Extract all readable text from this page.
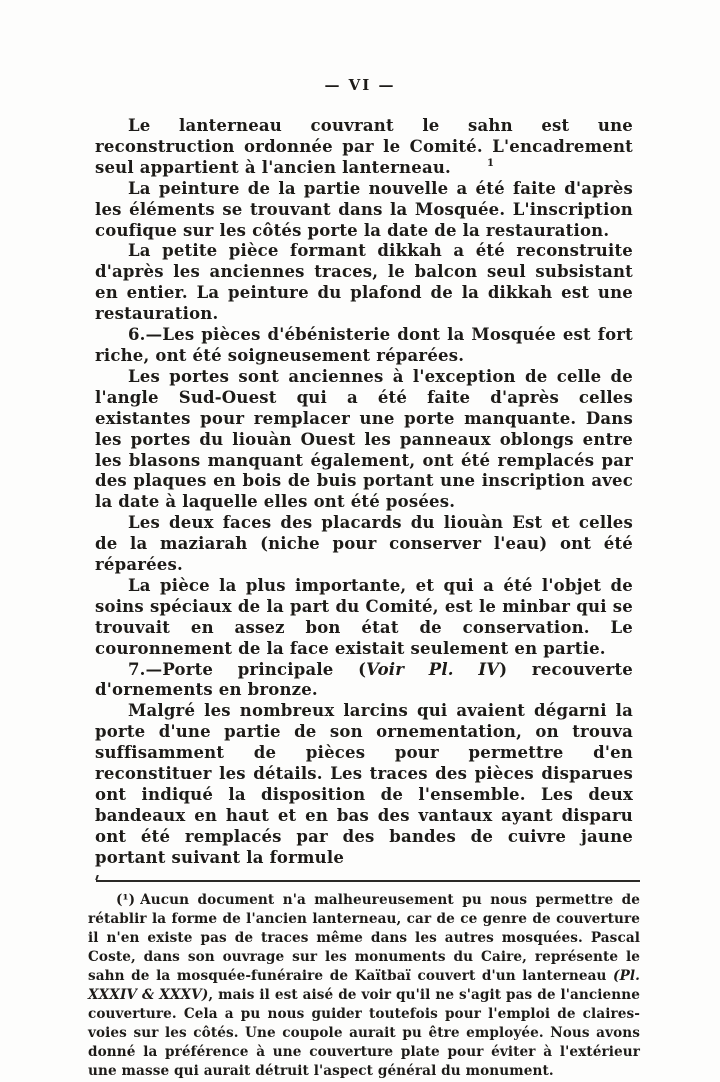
— VI —

Le lanterneau couvrant le sahn est une reconstruction ordonnée par le Comité. L'encadrement seul appartient à l'ancien lanterneau.	1

La peinture de la partie nouvelle a été faite d'après les éléments se trouvant dans la Mosquée. L'inscription coufique sur les côtés porte la date de la restauration.

La petite pièce formant dikkah a été reconstruite d'après les anciennes traces, le balcon seul subsistant en entier. La peinture du plafond de la dikkah est une restauration.

6.—Les pièces d'ébénisterie dont la Mosquée est fort riche, ont été soigneusement réparées.

Les portes sont anciennes à l'exception de celle de l'angle Sud-Ouest qui a été faite d'après celles existantes pour remplacer une porte manquante. Dans les portes du liouàn Ouest les panneaux oblongs entre les blasons manquant également, ont été remplacés par des plaques en bois de buis portant une inscription avec la date à laquelle elles ont été posées.

Les deux faces des placards du liouàn Est et celles de la maziarah (niche pour conserver l'eau) ont été réparées.

La pièce la plus importante, et qui a été l'objet de soins spéciaux de la part du Comité, est le minbar qui se trouvait en assez bon état de conservation. Le couronnement de la face existait seulement en partie.

7.—Porte principale (Voir Pl. IV) recouverte d'ornements en bronze.

Malgré les nombreux larcins qui avaient dégarni la porte d'une partie de son ornementation, on trouva suffisamment de pièces pour permettre d'en reconstituer les détails. Les traces des pièces disparues ont indiqué la disposition de l'ensemble. Les deux bandeaux en haut et en bas des vantaux ayant disparu ont été remplacés par des bandes de cuivre jaune portant suivant la formule

(¹) Aucun document n'a malheureusement pu nous permettre de rétablir la forme de l'ancien lanterneau, car de ce genre de couverture il n'en existe pas de traces même dans les autres mosquées. Pascal Coste, dans son ouvrage sur les monuments du Caire, représente le sahn de la mosquée-funéraire de Kaïtbaï couvert d'un lanterneau (Pl. XXXIV & XXXV), mais il est aisé de voir qu'il ne s'agit pas de l'ancienne couverture. Cela a pu nous guider toutefois pour l'emploi de claires-voies sur les côtés. Une coupole aurait pu être employée. Nous avons donné la préférence à une couverture plate pour éviter à l'extérieur une masse qui aurait détruit l'aspect général du monument.
